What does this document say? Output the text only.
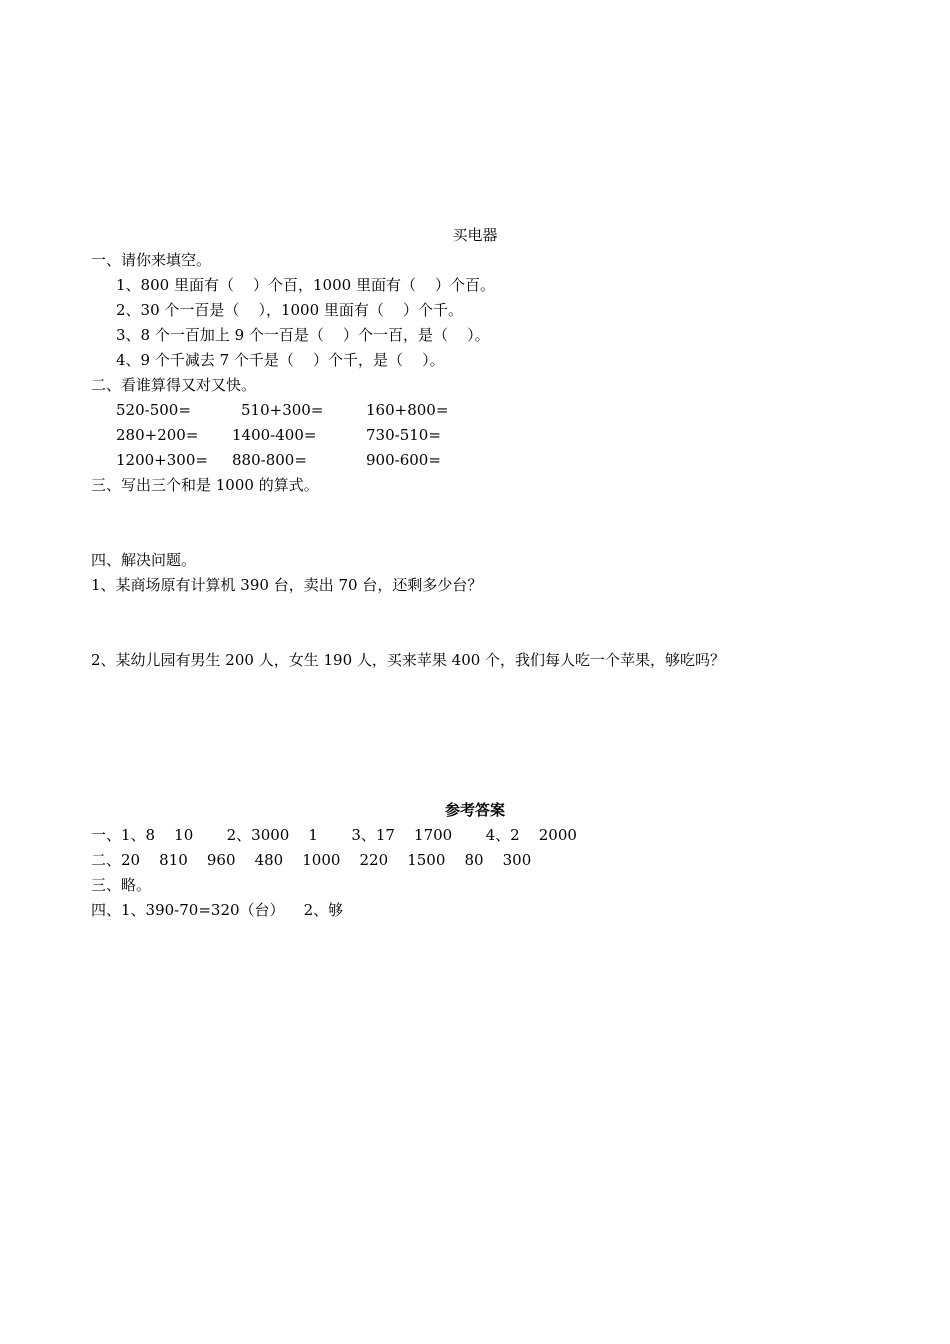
买电器
一、请你来填空。
1、800 里面有（    ）个百，1000 里面有（    ）个百。
2、30 个一百是（    ），1000 里面有（    ）个千。
3、8 个一百加上 9 个一百是（    ）个一百，是（    ）。
4、9 个千减去 7 个千是（    ）个千，是（    ）。
二、看谁算得又对又快。
520-500=	510+300=	160+800=
280+200= 1400-400=	730-510=
1200+300= 880-800=	900-600=
三、写出三个和是 1000 的算式。
四、解决问题。
1、某商场原有计算机 390 台，卖出 70 台，还剩多少台？
2、某幼儿园有男生 200 人，女生 190 人，买来苹果 400 个，我们每人吃一个苹果，够吃吗？
参考答案
一、1、8    10       2、3000    1       3、17    1700       4、2    2000
二、20    810    960    480    1000    220    1500    80    300
三、略。
四、1、390-70=320（台）    2、够
